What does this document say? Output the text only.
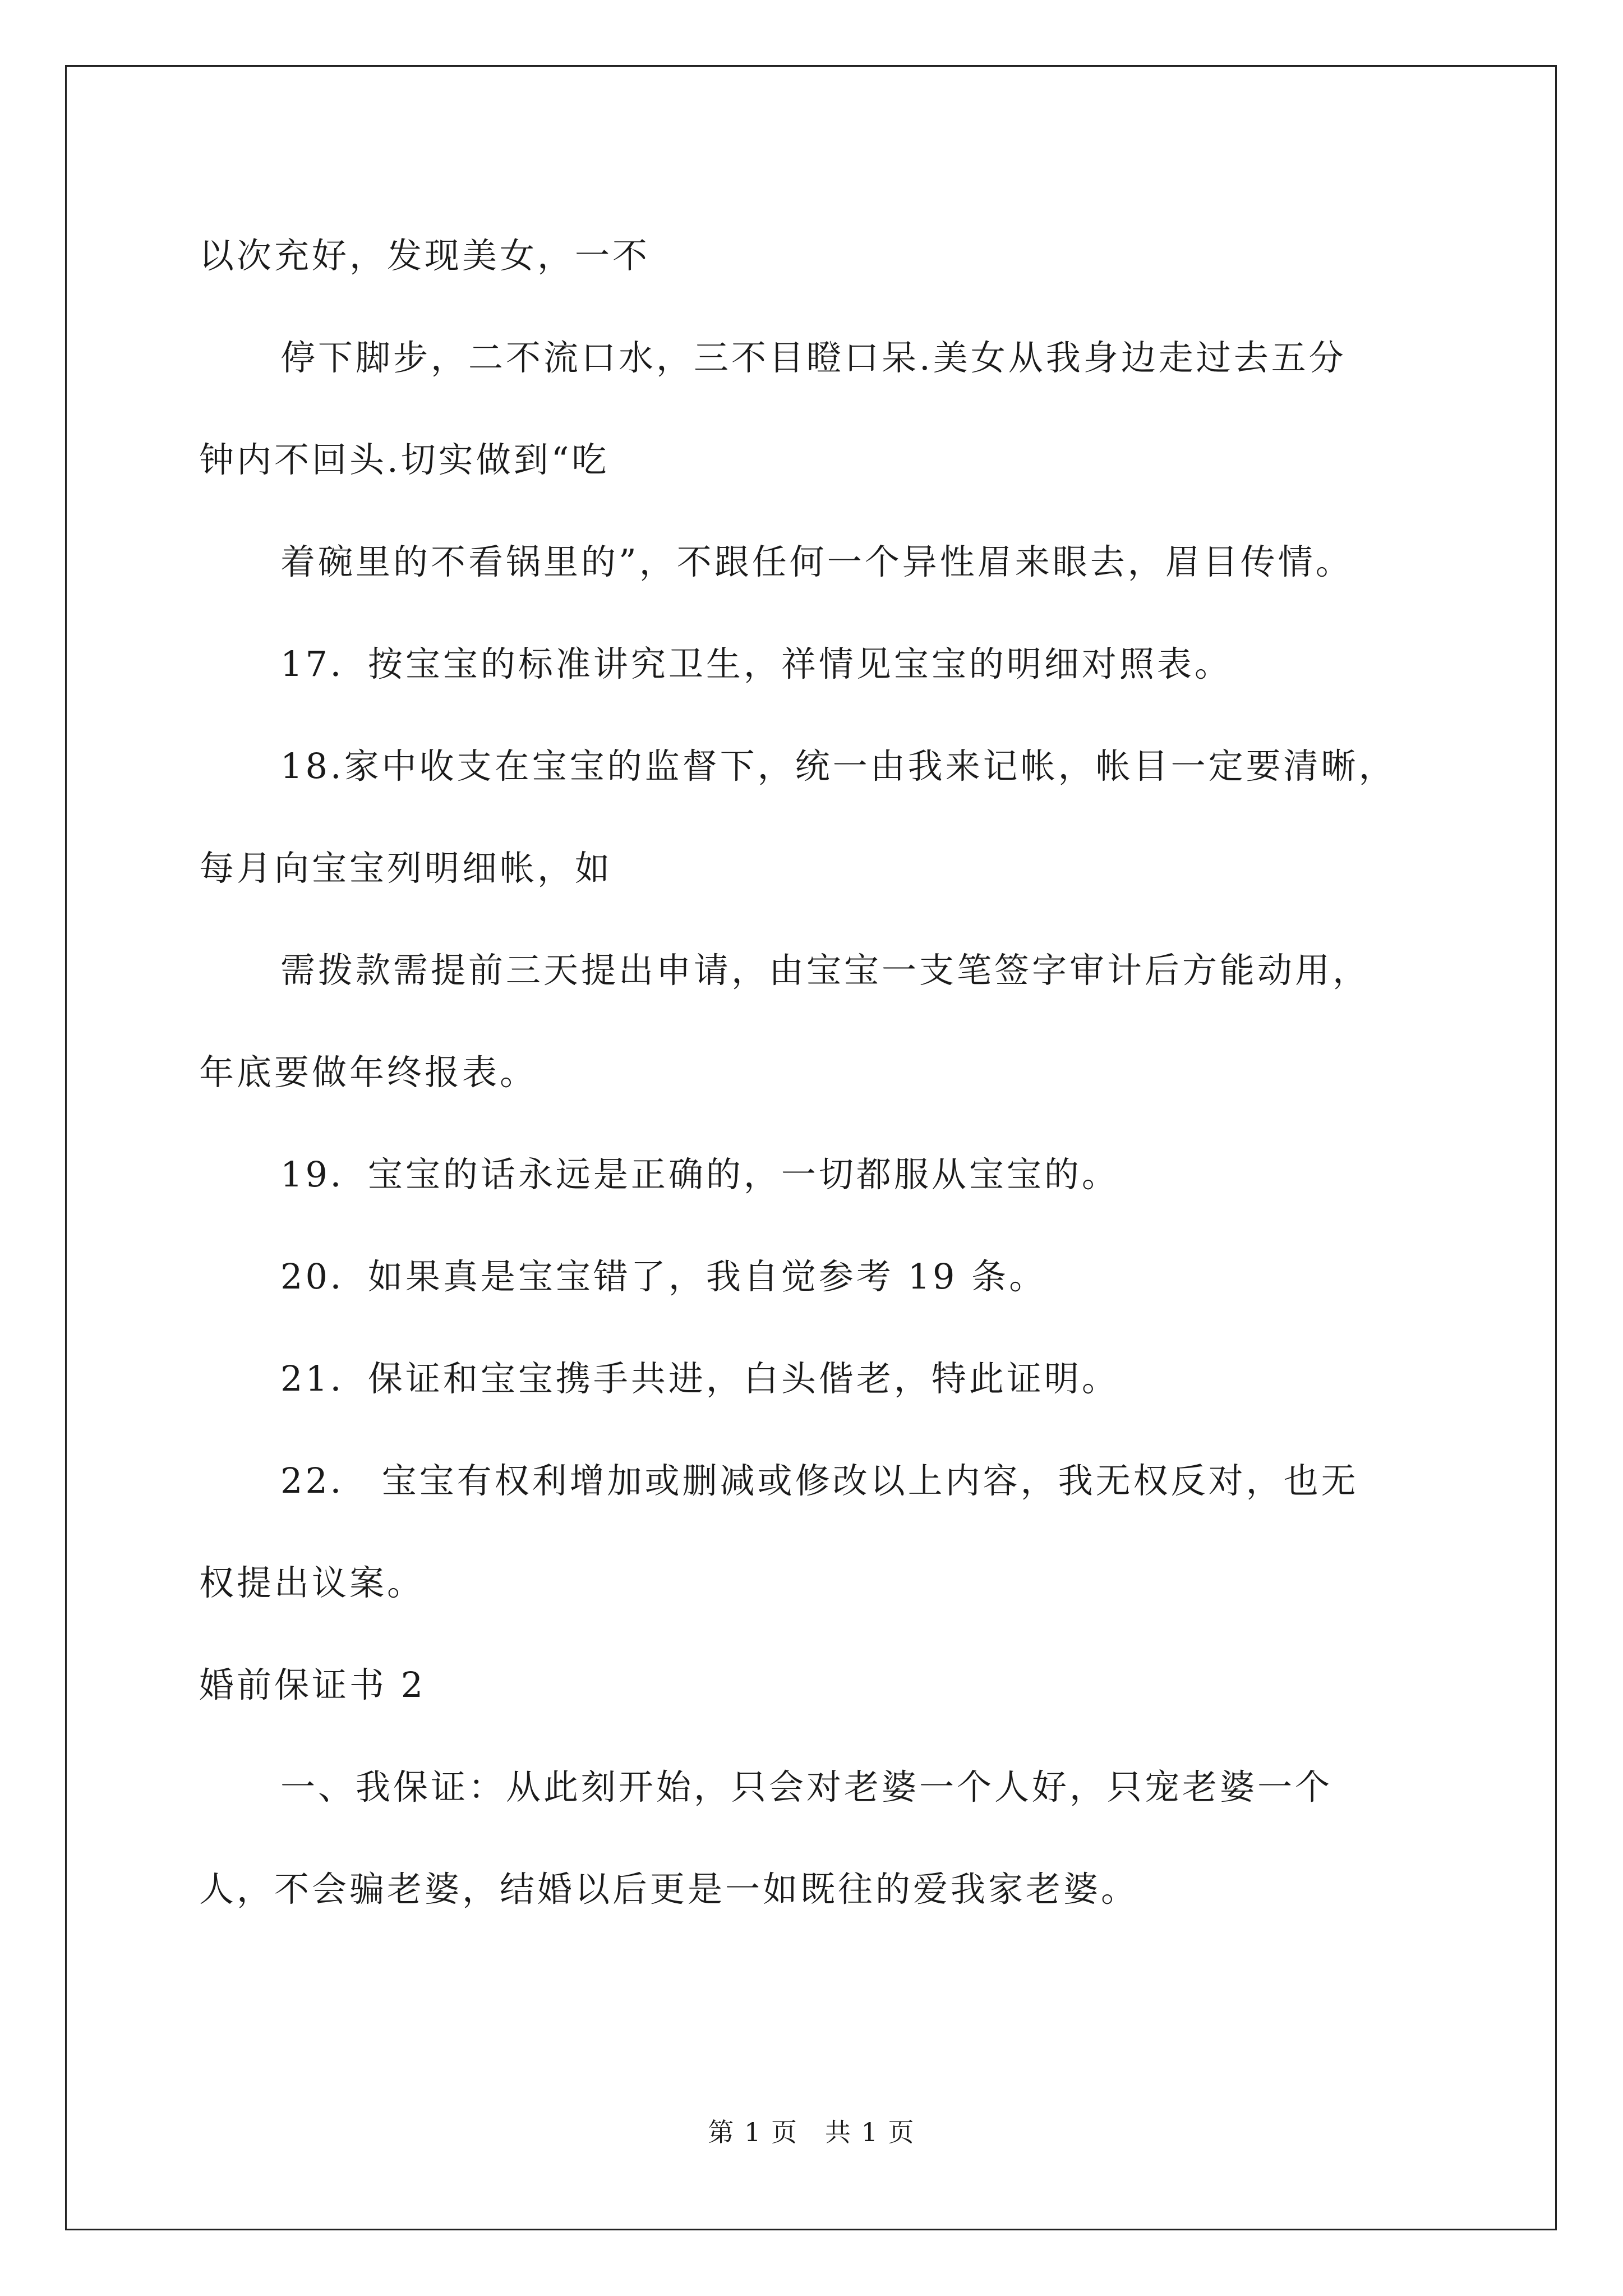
以次充好，发现美女，一不
停下脚步，二不流口水，三不目瞪口呆.美女从我身边走过去五分
钟内不回头.切实做到“吃
着碗里的不看锅里的”，不跟任何一个异性眉来眼去，眉目传情。
17．按宝宝的标准讲究卫生，祥情见宝宝的明细对照表。
18.家中收支在宝宝的监督下，统一由我来记帐，帐目一定要清晰，
每月向宝宝列明细帐，如
需拨款需提前三天提出申请，由宝宝一支笔签字审计后方能动用，
年底要做年终报表。
19．宝宝的话永远是正确的，一切都服从宝宝的。
20．如果真是宝宝错了，我自觉参考 19 条。
21．保证和宝宝携手共进，白头偕老，特此证明。
22． 宝宝有权利增加或删减或修改以上内容，我无权反对，也无
权提出议案。
婚前保证书 2
一、我保证：从此刻开始，只会对老婆一个人好，只宠老婆一个
人，不会骗老婆，结婚以后更是一如既往的爱我家老婆。
第 1 页　共 1 页
